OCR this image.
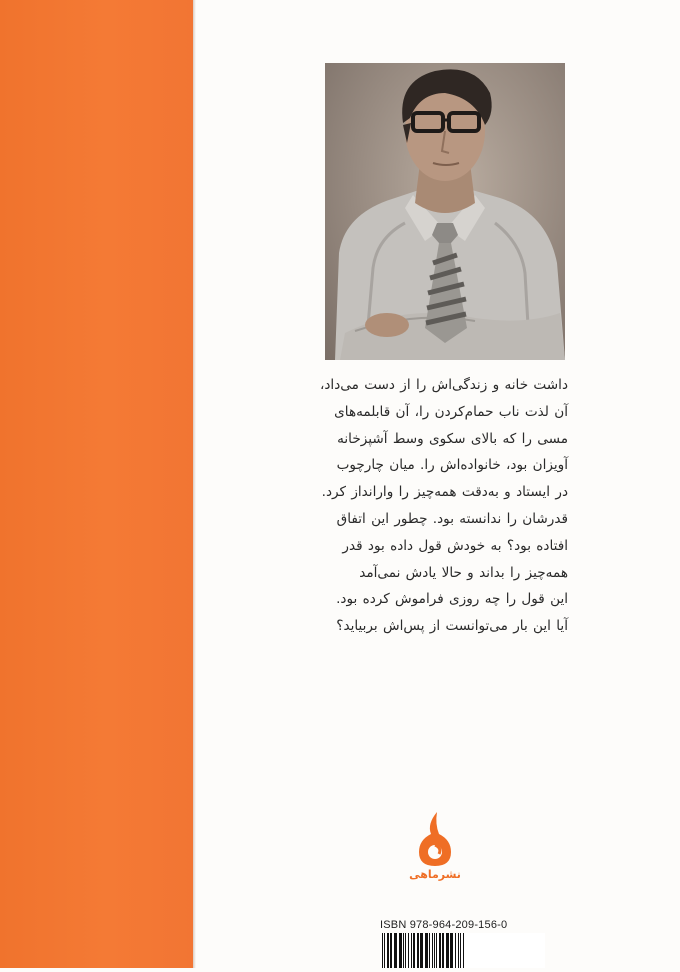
داشت خانه و زندگی‌اش را از دست می‌داد،
آن لذت ناب حمام‌کردن را، آن قابلمه‌های
مسی را که بالای سکوی وسط آشپزخانه
آویزان بود، خانواده‌اش را. میان چارچوب
در ایستاد و به‌دقت همه‌چیز را وارانداز کرد.
قدرشان را ندانسته بود. چطور این اتفاق
افتاده بود؟ به خودش قول داده بود قدر
همه‌چیز را بداند و حالا یادش نمی‌آمد
این قول را چه روزی فراموش کرده بود.
آیا این بار می‌توانست از پس‌اش بربیاید؟
نشرماهی
ISBN 978-964-209-156-0
